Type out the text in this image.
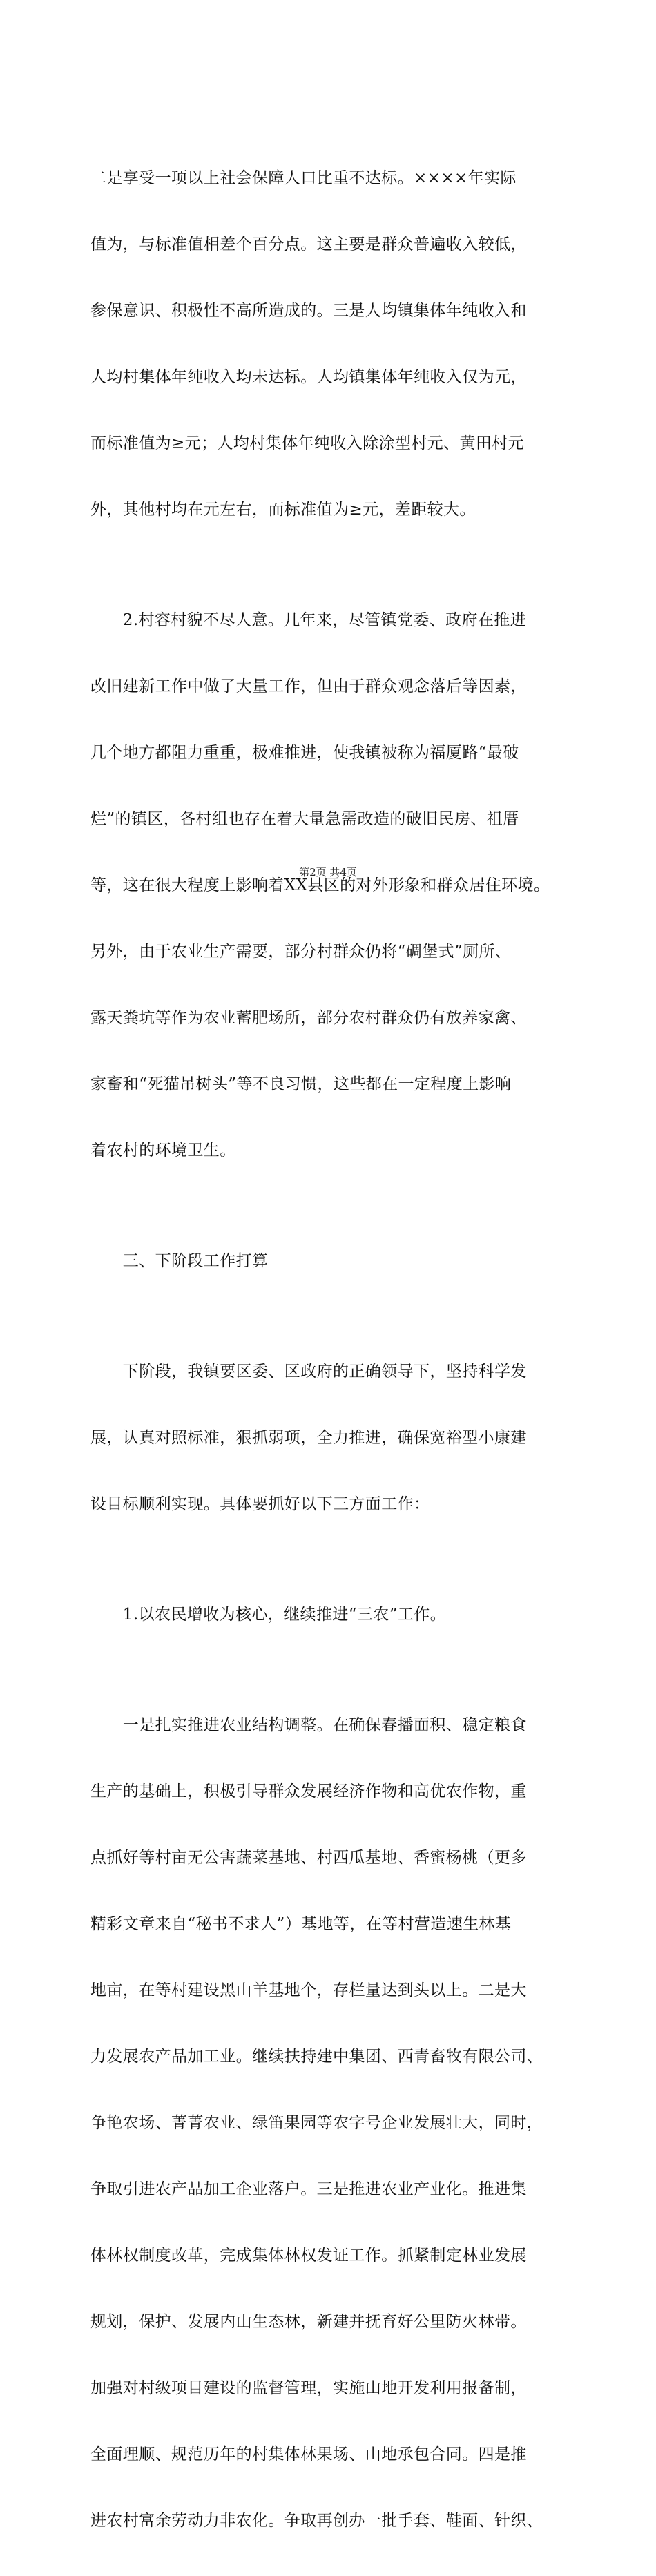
二是享受一项以上社会保障人口比重不达标。××××年实际

值为，与标准值相差个百分点。这主要是群众普遍收入较低，

参保意识、积极性不高所造成的。三是人均镇集体年纯收入和

人均村集体年纯收入均未达标。人均镇集体年纯收入仅为元，

而标准值为≥元；人均村集体年纯收入除涂型村元、黄田村元

外，其他村均在元左右，而标准值为≥元，差距较大。

　　2.村容村貌不尽人意。几年来，尽管镇党委、政府在推进

改旧建新工作中做了大量工作，但由于群众观念落后等因素，

几个地方都阻力重重，极难推进，使我镇被称为福厦路“最破

烂”的镇区，各村组也存在着大量急需改造的破旧民房、祖厝

等，这在很大程度上影响着XX县区的对外形象和群众居住环境。

另外，由于农业生产需要，部分村群众仍将“碉堡式”厕所、

露天粪坑等作为农业蓄肥场所，部分农村群众仍有放养家禽、

家畜和“死猫吊树头”等不良习惯，这些都在一定程度上影响

着农村的环境卫生。

　　三、下阶段工作打算

　　下阶段，我镇要区委、区政府的正确领导下，坚持科学发

展，认真对照标准，狠抓弱项，全力推进，确保宽裕型小康建

设目标顺利实现。具体要抓好以下三方面工作：

　　1.以农民增收为核心，继续推进“三农”工作。

　　一是扎实推进农业结构调整。在确保春播面积、稳定粮食

生产的基础上，积极引导群众发展经济作物和高优农作物，重

点抓好等村亩无公害蔬菜基地、村西瓜基地、香蜜杨桃（更多

精彩文章来自“秘书不求人”）基地等，在等村营造速生林基

地亩，在等村建设黑山羊基地个，存栏量达到头以上。二是大

力发展农产品加工业。继续扶持建中集团、西青畜牧有限公司、

争艳农场、菁菁农业、绿笛果园等农字号企业发展壮大，同时，

争取引进农产品加工企业落户。三是推进农业产业化。推进集

体林权制度改革，完成集体林权发证工作。抓紧制定林业发展

规划，保护、发展内山生态林，新建并抚育好公里防火林带。

加强对村级项目建设的监督管理，实施山地开发利用报备制，

全面理顺、规范历年的村集体林果场、山地承包合同。四是推

进农村富余劳动力非农化。争取再创办一批手套、鞋面、针织、

第2页 共4页
